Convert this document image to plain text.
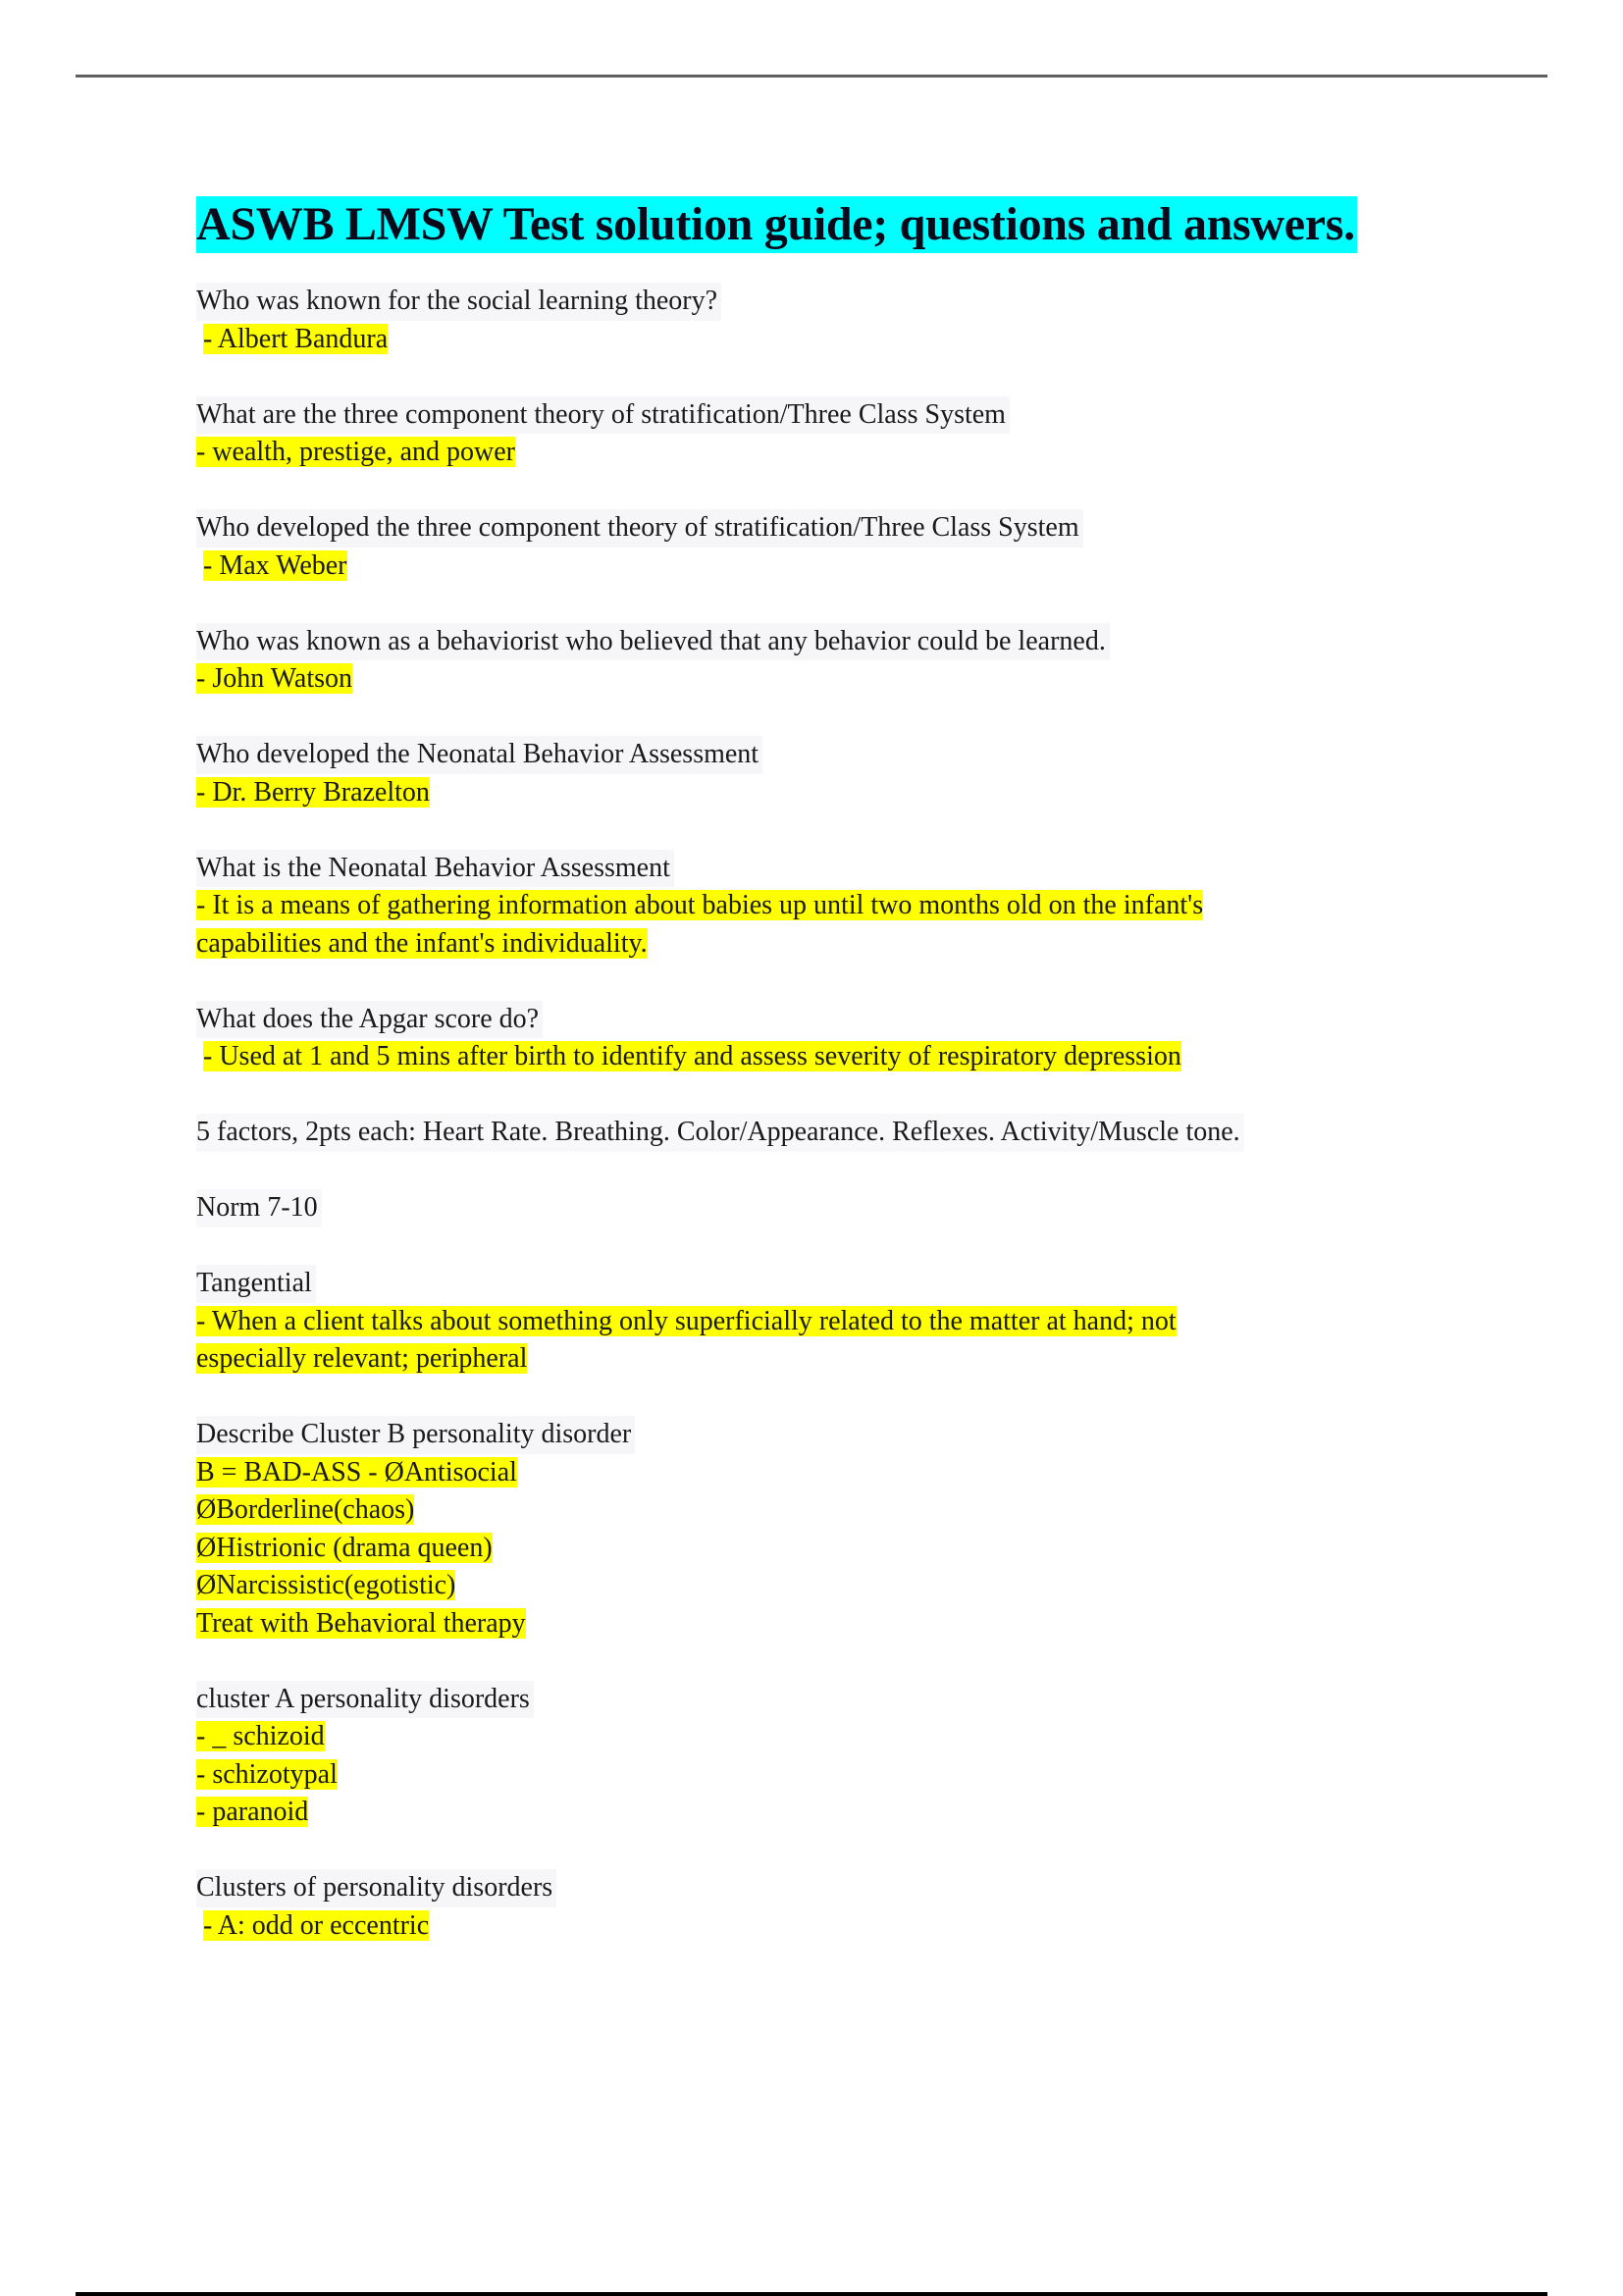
ASWB LMSW Test solution guide; questions and answers.
Who was known for the social learning theory?
- Albert Bandura
What are the three component theory of stratification/Three Class System
- wealth, prestige, and power
Who developed the three component theory of stratification/Three Class System
- Max Weber
Who was known as a behaviorist who believed that any behavior could be learned.
- John Watson
Who developed the Neonatal Behavior Assessment
- Dr. Berry Brazelton
What is the Neonatal Behavior Assessment
- It is a means of gathering information about babies up until two months old on the infant's
capabilities and the infant's individuality.
What does the Apgar score do?
- Used at 1 and 5 mins after birth to identify and assess severity of respiratory depression
5 factors, 2pts each: Heart Rate. Breathing. Color/Appearance. Reflexes. Activity/Muscle tone.
Norm 7-10
Tangential
- When a client talks about something only superficially related to the matter at hand; not
especially relevant; peripheral
Describe Cluster B personality disorder
B = BAD-ASS - ØAntisocial
ØBorderline(chaos)
ØHistrionic (drama queen)
ØNarcissistic(egotistic)
Treat with Behavioral therapy
cluster A personality disorders
- _ schizoid
- schizotypal
- paranoid
Clusters of personality disorders
- A: odd or eccentric
